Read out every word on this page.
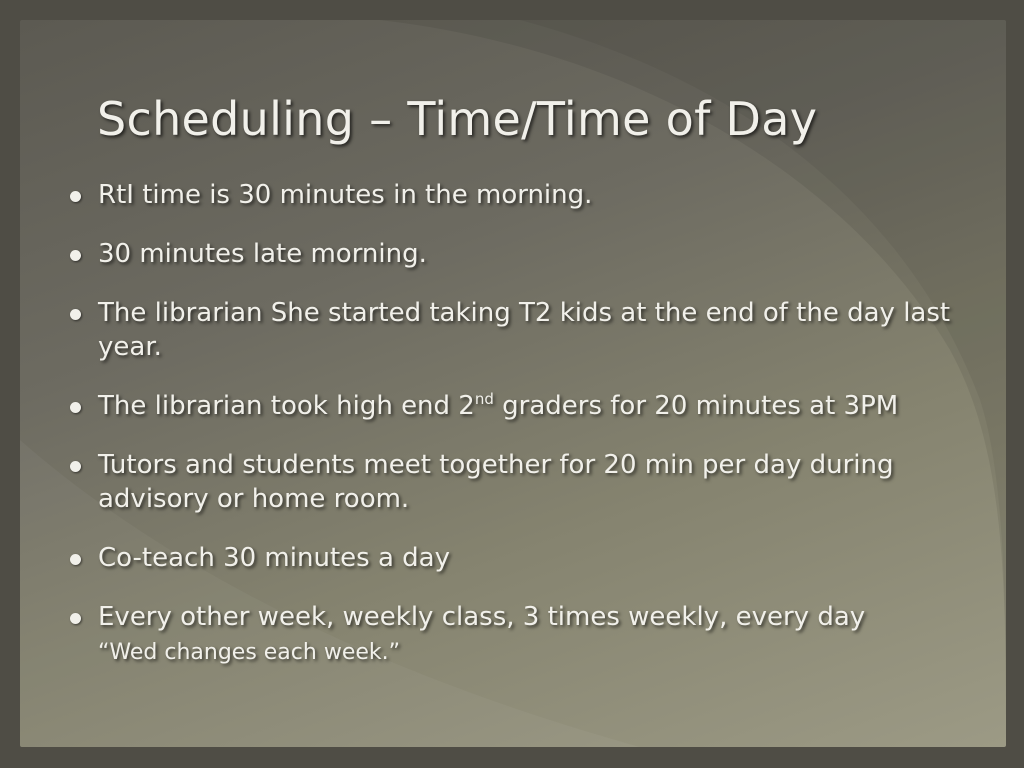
Scheduling – Time/Time of Day
RtI time is 30 minutes in the morning.
30 minutes late morning.
The librarian She started taking T2 kids at the end of the day last year.
The librarian took high end 2nd graders for 20 minutes at 3PM
Tutors and students meet together for 20 min per day during advisory or home room.
Co-teach 30 minutes a day
Every other week, weekly class, 3 times weekly, every day
“Wed changes each week.”
